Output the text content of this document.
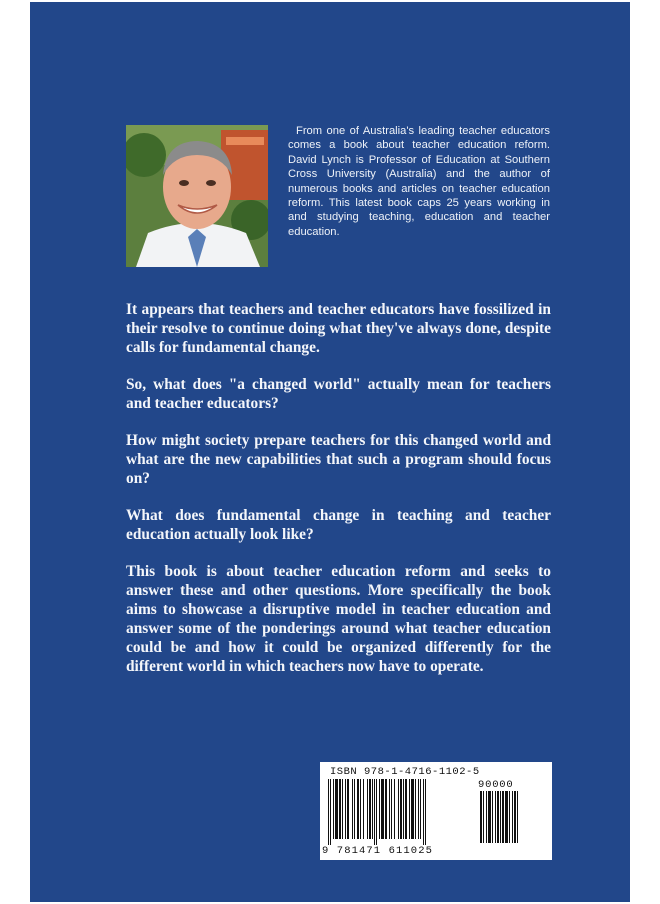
From one of Australia's leading teacher educators comes a book about teacher education reform. David Lynch is Professor of Education at Southern Cross University (Australia) and the author of numerous books and articles on teacher education reform. This latest book caps 25 years working in and studying teaching, education and teacher education.

It appears that teachers and teacher educators have fossilized in their resolve to continue doing what they've always done, despite calls for fundamental change.

So, what does "a changed world" actually mean for teachers and teacher educators?

How might society prepare teachers for this changed world and what are the new capabilities that such a program should focus on?

What does fundamental change in teaching and teacher education actually look like?

This book is about teacher education reform and seeks to answer these and other questions. More specifically the book aims to showcase a disruptive model in teacher education and answer some of the ponderings around what teacher education could be and how it could be organized differently for the different world in which teachers now have to operate.

ISBN 978-1-4716-1102-5
90000
9 781471 611025
